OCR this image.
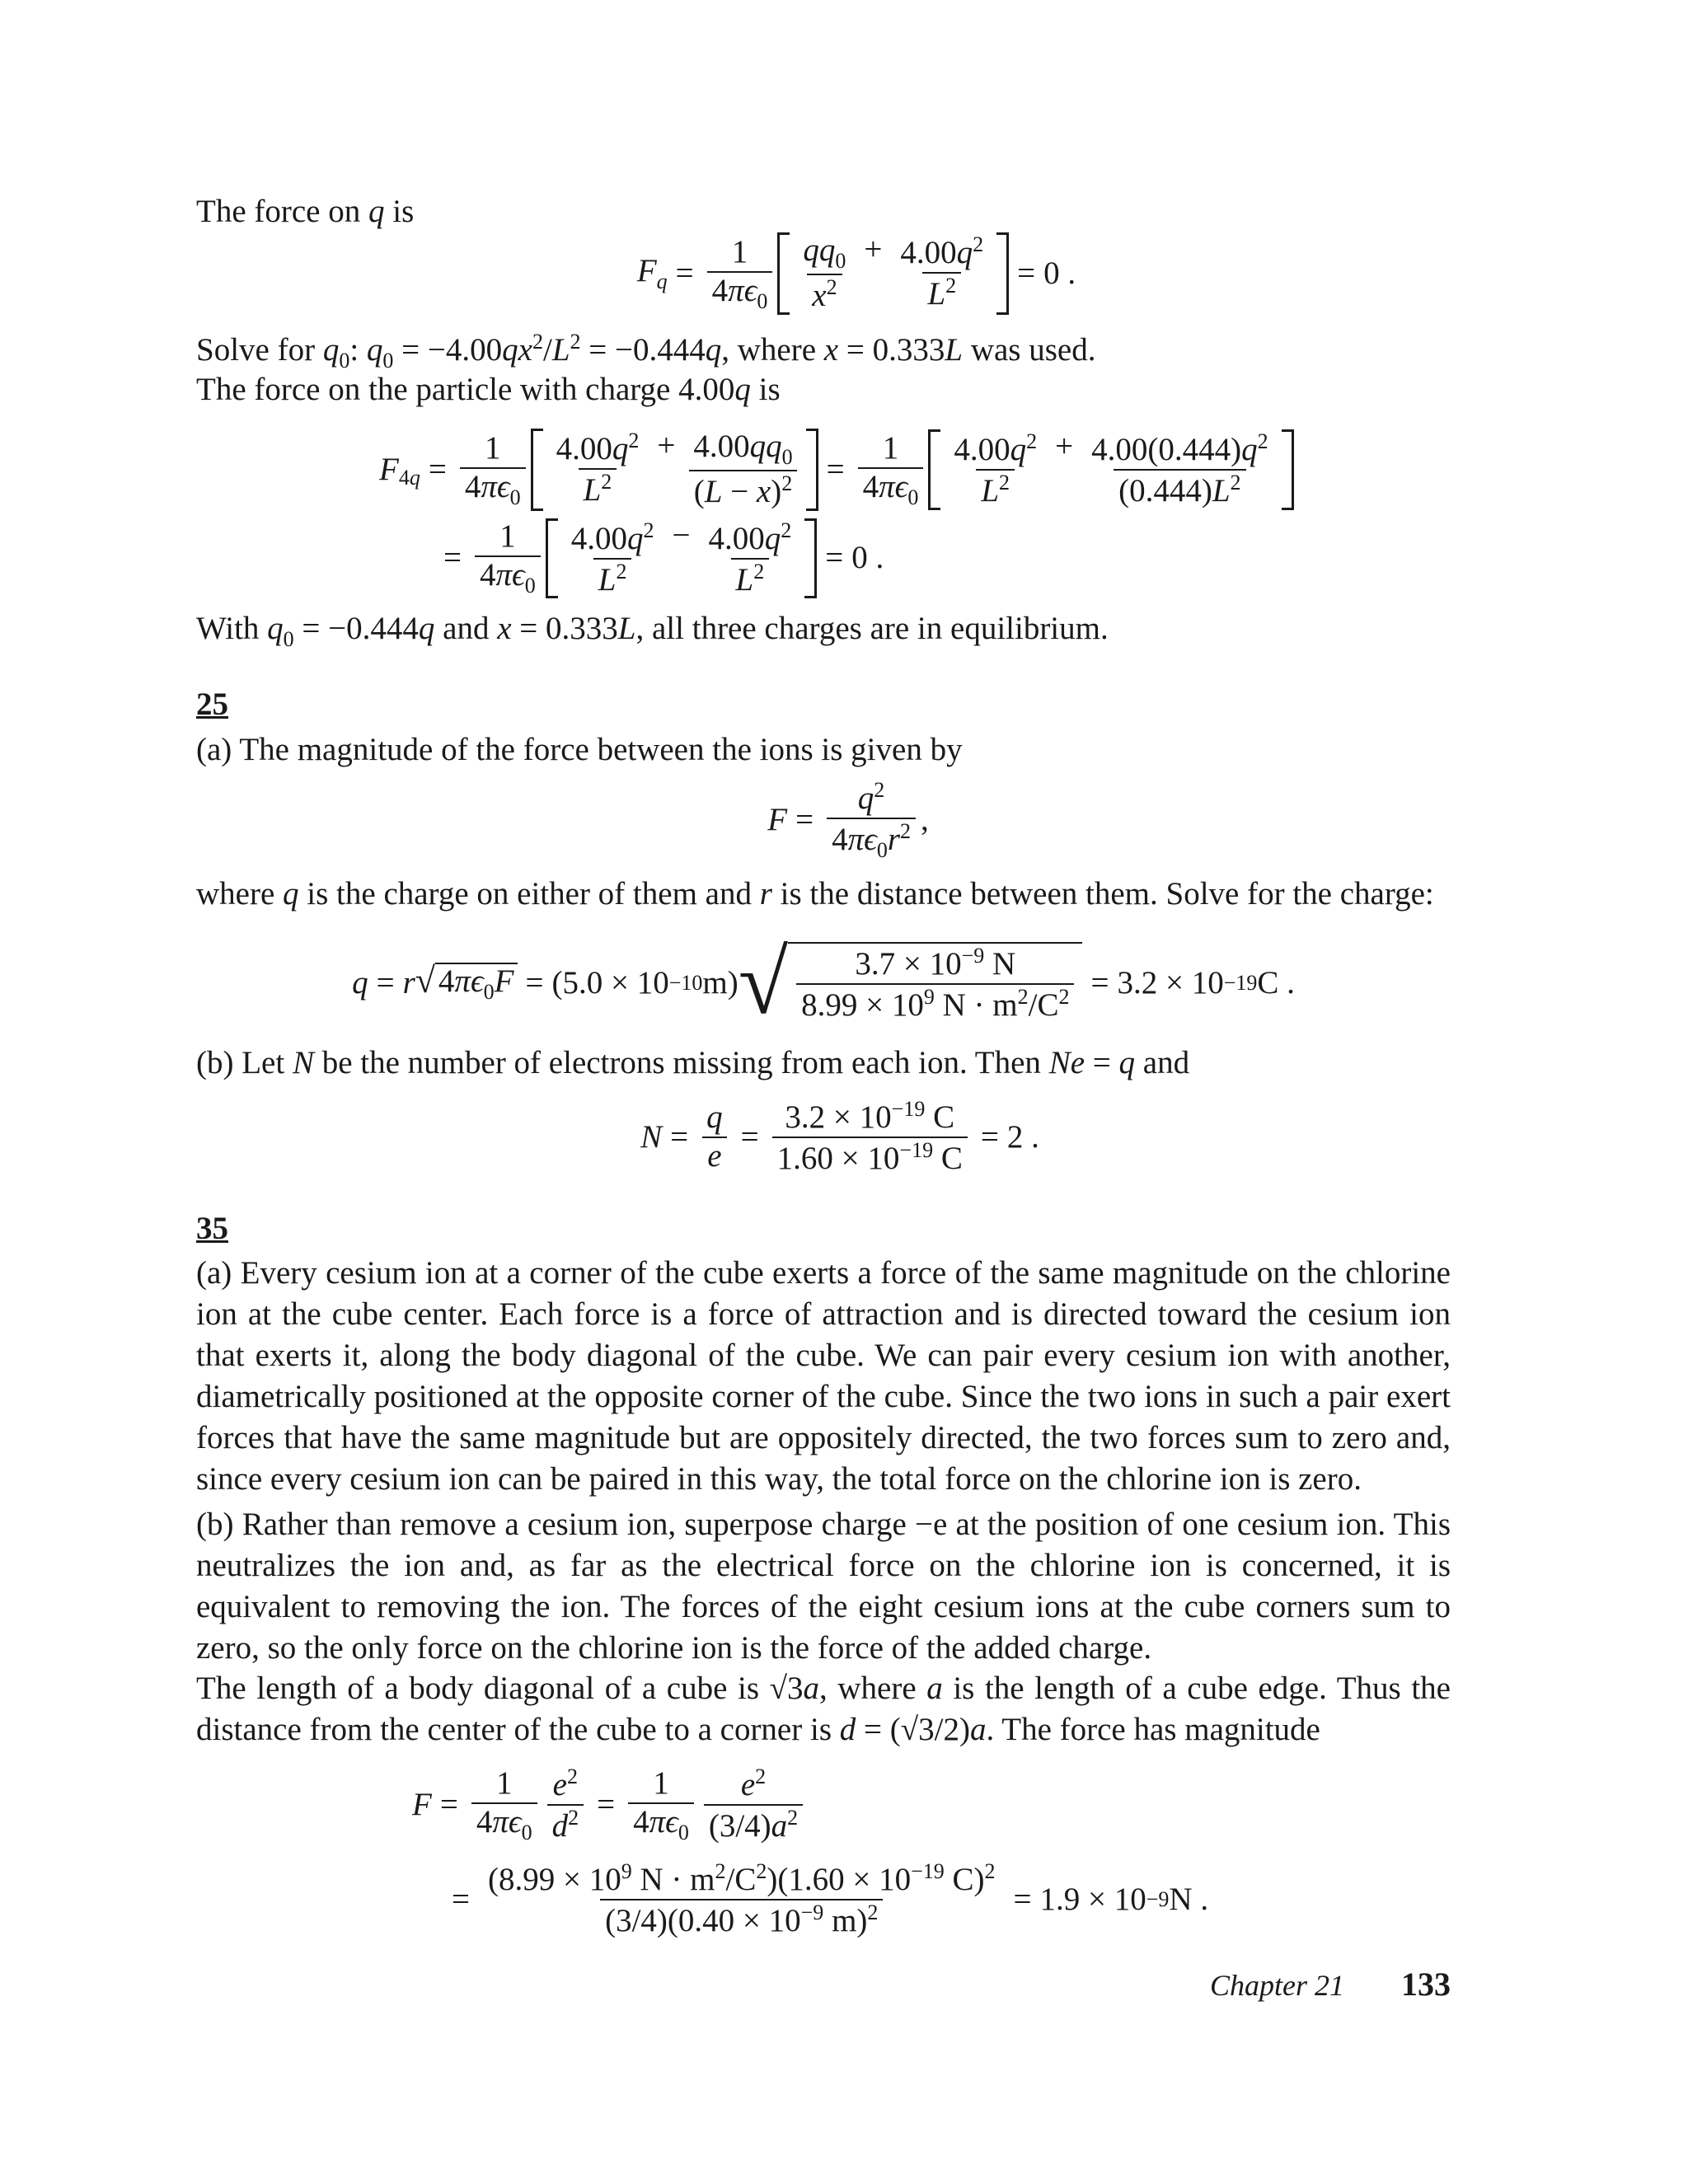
The force on q is
$F_q = \frac{1}{4\pi\epsilon_0} \frac{qq_0}{x^2} + \frac{4.00q^2}{L^2} = 0$ .
Solve for $q_0$: $q_0 = -4.00qx^2/L^2 = -0.444q$, where x = 0.333L was used.
The force on the particle with charge 4.00q is
$F_{4q} = \frac{1}{4\pi\epsilon_0} \frac{4.00q^2}{L^2} + \frac{4.00qq_0}{(L - x)^2} = \frac{1}{4\pi\epsilon_0} \frac{4.00q^2}{L^2} + \frac{4.00(0.444)q^2}{(0.444)L^2}$
= $\frac{1}{4\pi\epsilon_0} \frac{4.00q^2}{L^2} - \frac{4.00q^2}{L^2} = 0$ .
With $q_0 = -0.444q$ and x = 0.333L, all three charges are in equilibrium.
25
(a) The magnitude of the force between the ions is given by
$F = \frac{q^2}{4\pi\epsilon_0r^2}$ ,
where q is the charge on either of them and r is the distance between them. Solve for the charge:
q = r √ $4\pi\epsilon_0F = (5.0 \times 10 -10$ m) √ $\frac{3.7 \times 10^{-9} N}{8.99 \times 10^9 N \cdot m^2/C^2} = 3.2 \times 10 -19$ C .
(b) Let N be the number of electrons missing from each ion. Then Ne = q and
$N = \frac{q}{e} = \frac{3.2 \times 10^{-19} C}{1.60 \times 10^{-19} C} = 2$ .
35
(a) Every cesium ion at a corner of the cube exerts a force of the same magnitude on the chlorine ion at the cube center. Each force is a force of attraction and is directed toward the cesium ion that exerts it, along the body diagonal of the cube. We can pair every cesium ion with another, diametrically positioned at the opposite corner of the cube. Since the two ions in such a pair exert forces that have the same magnitude but are oppositely directed, the two forces sum to zero and, since every cesium ion can be paired in this way, the total force on the chlorine ion is zero.
(b) Rather than remove a cesium ion, superpose charge −e at the position of one cesium ion. This neutralizes the ion and, as far as the electrical force on the chlorine ion is concerned, it is equivalent to removing the ion. The forces of the eight cesium ions at the cube corners sum to zero, so the only force on the chlorine ion is the force of the added charge.
The length of a body diagonal of a cube is √3a, where a is the length of a cube edge. Thus the distance from the center of the cube to a corner is d = (√3/2)a. The force has magnitude
$F = \frac{1}{4\pi\epsilon_0} \frac{e^2}{d^2} = \frac{1}{4\pi\epsilon_0} \frac{e^2}{(3/4)a^2}$
= $\frac{(8.99 \times 10^9 N \cdot m^2/C^2)(1.60 \times 10^{-19} C)^2}{(3/4)(0.40 \times 10^{-9} m)^2} = 1.9 \times 10 -9$ N .
Chapter 21 133
